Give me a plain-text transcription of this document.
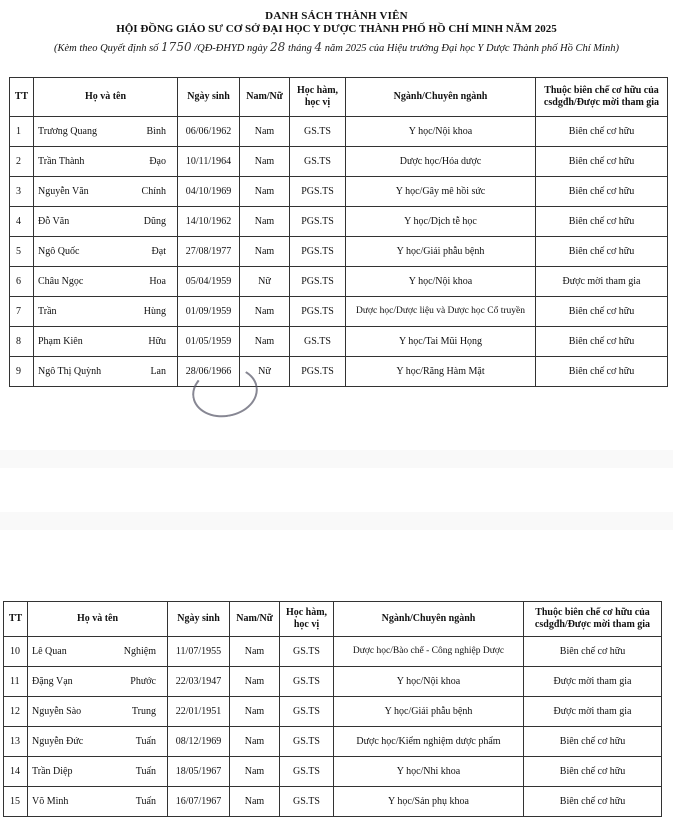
DANH SÁCH THÀNH VIÊN
HỘI ĐỒNG GIÁO SƯ CƠ SỞ ĐẠI HỌC Y DƯỢC THÀNH PHỐ HỒ CHÍ MINH NĂM 2025
(Kèm theo Quyết định số 1750 /QĐ-ĐHYD ngày 28 tháng 4 năm 2025 của Hiệu trưởng Đại học Y Dược Thành phố Hồ Chí Minh)
TT	Họ và tên	Ngày sinh	Nam/Nữ	Học hàm,
học vị	Ngành/Chuyên ngành	Thuộc biên chế cơ hữu của
csdgđh/Được mời tham gia
1	Trương Quang Bình	06/06/1962	Nam	GS.TS	Y học/Nội khoa	Biên chế cơ hữu
2	Trần Thành Đạo	10/11/1964	Nam	GS.TS	Dược học/Hóa dược	Biên chế cơ hữu
3	Nguyễn Văn Chính	04/10/1969	Nam	PGS.TS	Y học/Gây mê hồi sức	Biên chế cơ hữu
4	Đỗ Văn Dũng	14/10/1962	Nam	PGS.TS	Y học/Dịch tễ học	Biên chế cơ hữu
5	Ngô Quốc Đạt	27/08/1977	Nam	PGS.TS	Y học/Giải phẫu bệnh	Biên chế cơ hữu
6	Châu Ngọc Hoa	05/04/1959	Nữ	PGS.TS	Y học/Nội khoa	Được mời tham gia
7	Trần Hùng	01/09/1959	Nam	PGS.TS	Dược học/Dược liệu và Dược học Cổ truyền	Biên chế cơ hữu
8	Phạm Kiên Hữu	01/05/1959	Nam	GS.TS	Y học/Tai Mũi Họng	Biên chế cơ hữu
9	Ngô Thị Quỳnh Lan	28/06/1966	Nữ	PGS.TS	Y học/Răng Hàm Mặt	Biên chế cơ hữu
TT	Họ và tên	Ngày sinh	Nam/Nữ	Học hàm,
học vị	Ngành/Chuyên ngành	Thuộc biên chế cơ hữu của
csdgđh/Được mời tham gia
10	Lê Quan Nghiệm	11/07/1955	Nam	GS.TS	Dược học/Bào chế - Công nghiệp Dược	Biên chế cơ hữu
11	Đặng Vạn Phước	22/03/1947	Nam	GS.TS	Y học/Nội khoa	Được mời tham gia
12	Nguyễn Sào Trung	22/01/1951	Nam	GS.TS	Y học/Giải phẫu bệnh	Được mời tham gia
13	Nguyễn Đức Tuấn	08/12/1969	Nam	GS.TS	Dược học/Kiểm nghiệm dược phẩm	Biên chế cơ hữu
14	Trần Diệp Tuấn	18/05/1967	Nam	GS.TS	Y học/Nhi khoa	Biên chế cơ hữu
15	Võ Minh Tuấn	16/07/1967	Nam	GS.TS	Y học/Sản phụ khoa	Biên chế cơ hữu
